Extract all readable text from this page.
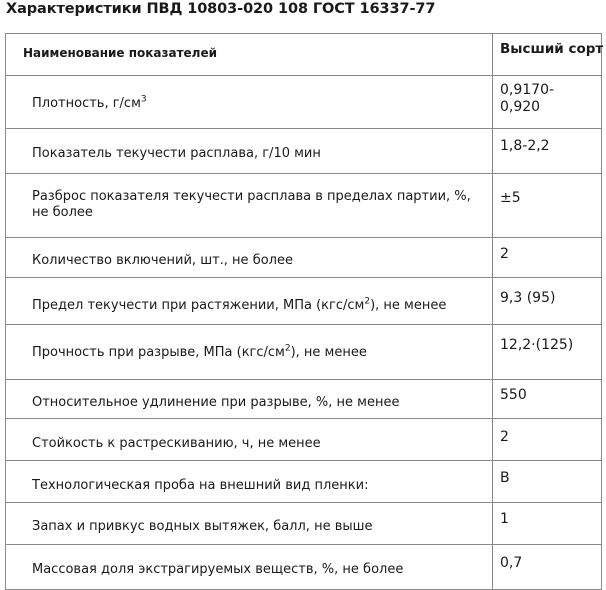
Характеристики ПВД 10803-020 108 ГОСТ 16337-77
Наименование показателей	Высший сорт
Плотность, $г/см^3$	0,9170-
0,920
Показатель текучести расплава, г/10 мин	1,8-2,2
Разброс показателя текучести расплава в пределах партии, %, не более	±5
Количество включений, шт., не более	2
Предел текучести при растяжении, МПа $(кгс/см^2)$, не менее	9,3 (95)
Прочность при разрыве, МПа $(кгс/см^2)$, не менее	12,2·(125)
Относительное удлинение при разрыве, %, не менее	550
Стойкость к растрескиванию, ч, не менее	2
Технологическая проба на внешний вид пленки:	В
Запах и привкус водных вытяжек, балл, не выше	1
Массовая доля экстрагируемых веществ, %, не более	0,7
